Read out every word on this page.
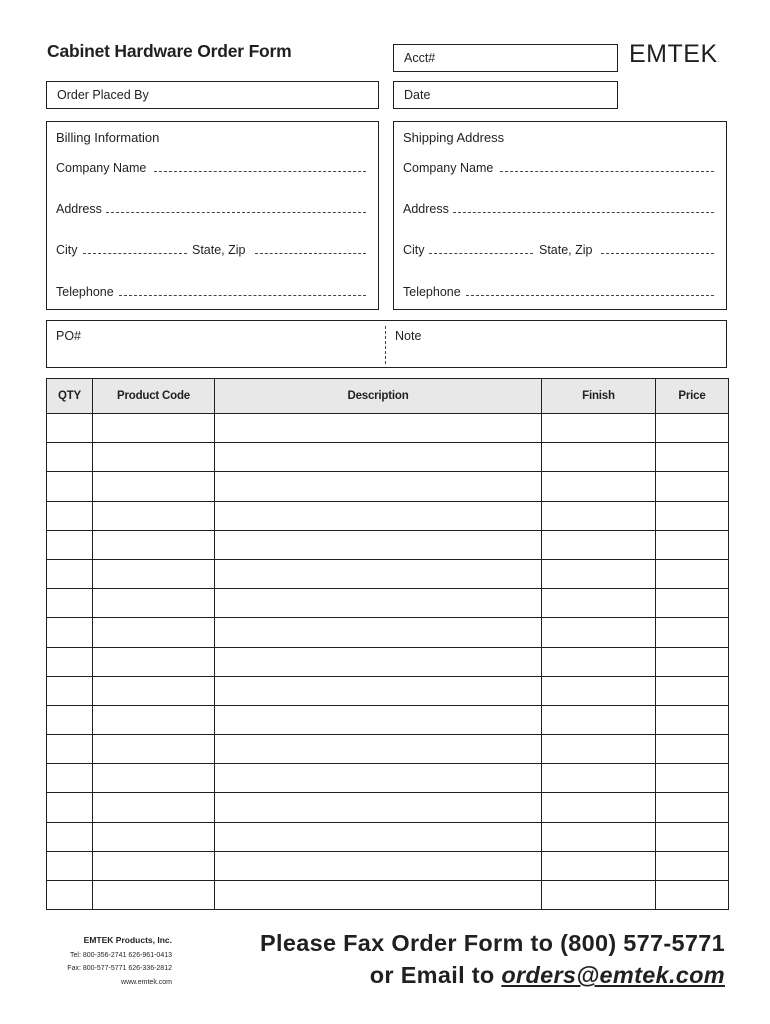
Cabinet Hardware Order Form	Acct#	EMTEK.
Order Placed By	Date
Billing Information
Company Name
Address
City	State, Zip
Telephone
Shipping Address
Company Name
Address
City	State, Zip
Telephone
PO#	Note
QTY	Product Code	Description	Finish	Price

EMTEK Products, Inc.
Tel: 800-356-2741 626-961-0413
Fax: 800-577-5771 626-336-2812
www.emtek.com
Please Fax Order Form to (800) 577-5771
or Email to orders@emtek.com
